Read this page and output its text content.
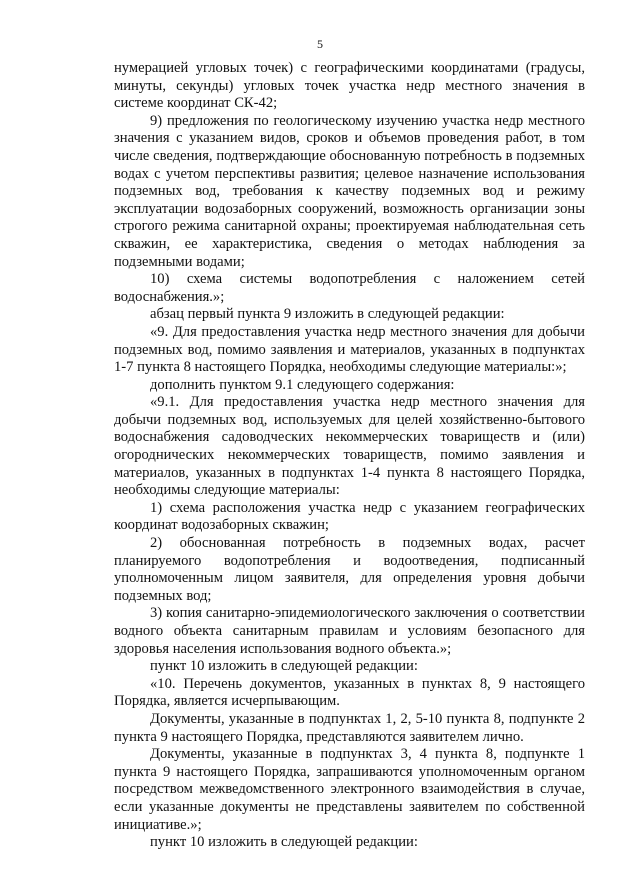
5

нумерацией угловых точек) с географическими координатами (градусы, минуты, секунды) угловых точек участка недр местного значения в системе координат СК-42;

9) предложения по геологическому изучению участка недр местного значения с указанием видов, сроков и объемов проведения работ, в том числе сведения, подтверждающие обоснованную потребность в подземных водах с учетом перспективы развития; целевое назначение использования подземных вод, требования к качеству подземных вод и режиму эксплуатации водозаборных сооружений, возможность организации зоны строгого режима санитарной охраны; проектируемая наблюдательная сеть скважин, ее характеристика, сведения о методах наблюдения за подземными водами;

10) схема системы водопотребления с наложением сетей водоснабжения.»;

абзац первый пункта 9 изложить в следующей редакции:

«9. Для предоставления участка недр местного значения для добычи подземных вод, помимо заявления и материалов, указанных в подпунктах 1-7 пункта 8 настоящего Порядка, необходимы следующие материалы:»;

дополнить пунктом 9.1 следующего содержания:

«9.1. Для предоставления участка недр местного значения для добычи подземных вод, используемых для целей хозяйственно-бытового водоснабжения садоводческих некоммерческих товариществ и (или) огороднических некоммерческих товариществ, помимо заявления и материалов, указанных в подпунктах 1-4 пункта 8 настоящего Порядка, необходимы следующие материалы:

1) схема расположения участка недр с указанием географических координат водозаборных скважин;

2) обоснованная потребность в подземных водах, расчет планируемого водопотребления и водоотведения, подписанный уполномоченным лицом заявителя, для определения уровня добычи подземных вод;

3) копия санитарно-эпидемиологического заключения о соответствии водного объекта санитарным правилам и условиям безопасного для здоровья населения использования водного объекта.»;

пункт 10 изложить в следующей редакции:

«10. Перечень документов, указанных в пунктах 8, 9 настоящего Порядка, является исчерпывающим.

Документы, указанные в подпунктах 1, 2, 5-10 пункта 8, подпункте 2 пункта 9 настоящего Порядка, представляются заявителем лично.

Документы, указанные в подпунктах 3, 4 пункта 8, подпункте 1 пункта 9 настоящего Порядка, запрашиваются уполномоченным органом посредством межведомственного электронного взаимодействия в случае, если указанные документы не представлены заявителем по собственной инициативе.»;

пункт 10 изложить в следующей редакции:
